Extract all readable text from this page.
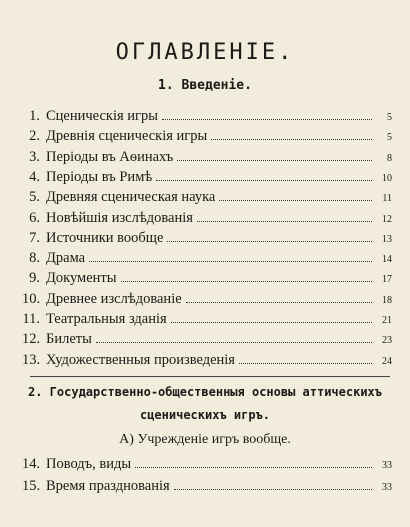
ОГЛАВЛЕНІЕ.
1. Введеніе.
1. Сценическія игры	5
2. Древнія сценическія игры	5
3. Періоды въ Аѳинахъ	8
4. Періоды въ Римѣ	10
5. Древняя сценическая наука	11
6. Новѣйшія изслѣдованія	12
7. Источники вообще	13
8. Драма	14
9. Документы	17
10. Древнее изслѣдованіе	18
11. Театральныя зданія	21
12. Билеты	23
13. Художественныя произведенія	24
2. Государственно-общественныя основы аттическихъ
сценическихъ игръ.
А) Учрежденіе игръ вообще.
14. Поводъ, виды	33
15. Время празднованія	33
